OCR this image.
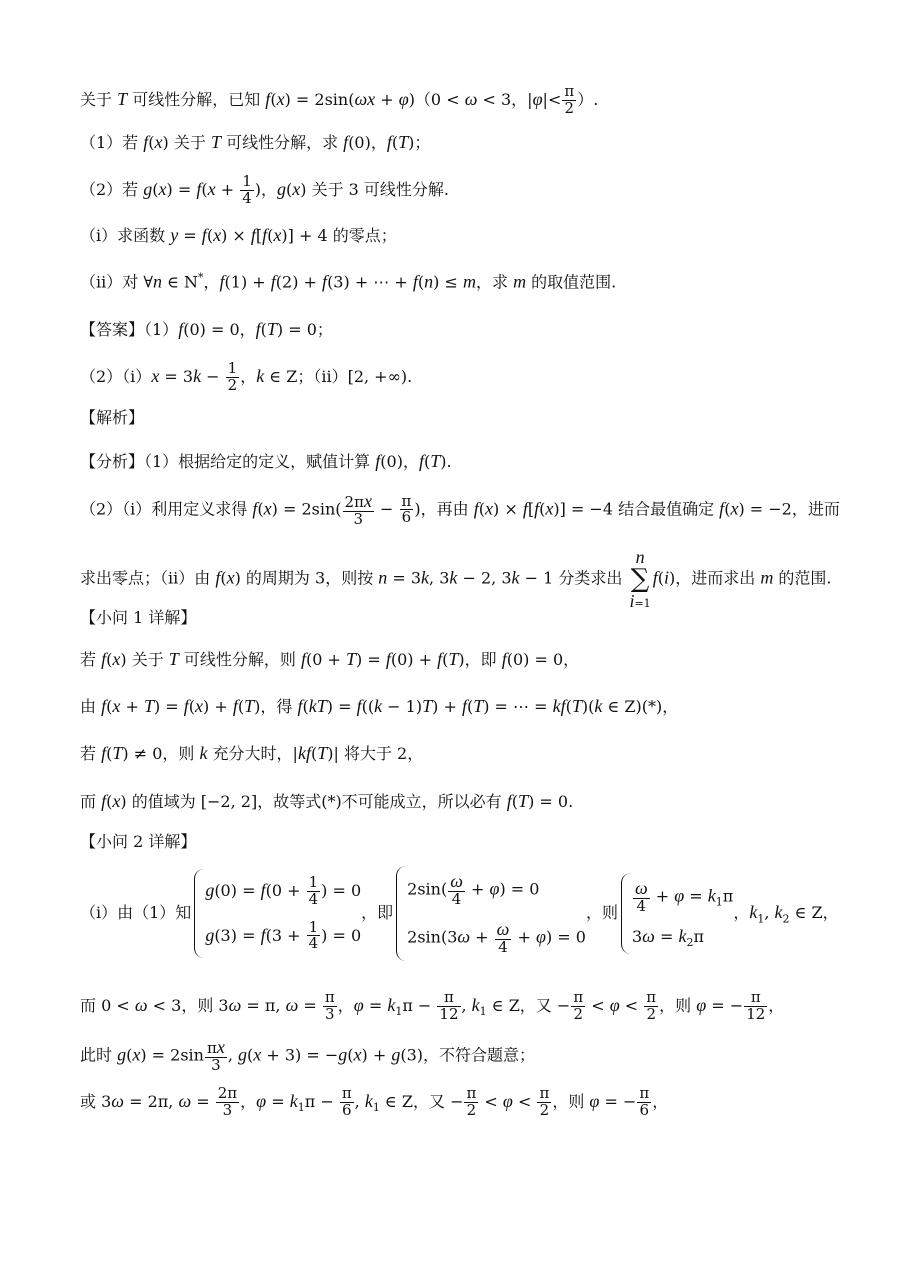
关于 T 可线性分解，已知 f(x) = 2sin(ωx + φ)（0 < ω < 3，$|\varphi|< \frac{\pi}{2}$ ）.
（1）若 f(x) 关于 T 可线性分解，求 f(0)，f(T)；
（2）若 $g(x) = f(x + \frac{1}{4}$ )，g(x) 关于 3 可线性分解.
（i）求函数 y = f(x) × f[f(x)] + 4 的零点；
（ii）对 ∀n ∈ N*，f(1) + f(2) + f(3) + ⋯ + f(n) ≤ m，求 m 的取值范围.
【答案】（1）f(0) = 0，f(T) = 0；
$(2)(i)x = 3k - \frac{1}{2}$ ，k ∈ Z；（ii）[2, +∞).
【解析】
【分析】（1）根据给定的定义，赋值计算 f(0)，f(T).
（2）（i）利用定义求得 $f(x) = 2\sin( \frac{2\pi x}{3} - \frac{\pi}{6}$ )，再由 f(x) × f[f(x)] = −4 结合最值确定 f(x) = −2，进而
求出零点；（ii）由 f(x) 的周期为 3，则按 n = 3k, 3k − 2, 3k − 1 分类求出 n
∑
i=1f(i)，进而求出 m 的范围.
【小问 1 详解】
若 f(x) 关于 T 可线性分解，则 f(0 + T) = f(0) + f(T)，即 f(0) = 0，
由 f(x + T) = f(x) + f(T)，得 f(kT) = f((k − 1)T) + f(T) = ⋯ = kf(T)(k ∈ Z)(*)，
若 f(T) ≠ 0，则 k 充分大时，|kf(T)| 将大于 2，
而 f(x) 的值域为 [−2, 2]，故等式(*)不可能成立，所以必有 f(T) = 0.
【小问 2 详解】
（i）由（1）知
$g(0) = f(0 + \frac{1}{4}$ ) = 0
$g(3) = f(3 + \frac{1}{4}$ ) = 0
，即
$2\sin( \frac{\omega}{4} + \varphi) = 0$
$2\sin(3\omega + \frac{\omega}{4} + \varphi) = 0$
，则 $\frac{\omega}{4} + \varphi = k_1\pi$
$3\omega = k_2\pi$
，$k_1$, $k_2$ ∈ Z，
而 0 < ω < 3，则 3ω = π, $\omega = \frac{\pi}{3}$ ，$\varphi = k_1\pi - \frac{\pi}{12}$ , $k_1$ ∈ Z，又 − $\frac{\pi}{2} < \varphi < \frac{\pi}{2}$ ，则 φ = − $\frac{\pi}{12}$ ，
此时 $g(x) = 2\sin \frac{\pi x}{3}$ , g(x + 3) = −g(x) + g(3)，不符合题意；
或 3ω = 2π, $\omega = \frac{2\pi}{3}$ ，$\varphi = k_1\pi - \frac{\pi}{6}$ , $k_1$ ∈ Z，又 − $\frac{\pi}{2} < \varphi < \frac{\pi}{2}$ ，则 φ = − $\frac{\pi}{6}$ ，
